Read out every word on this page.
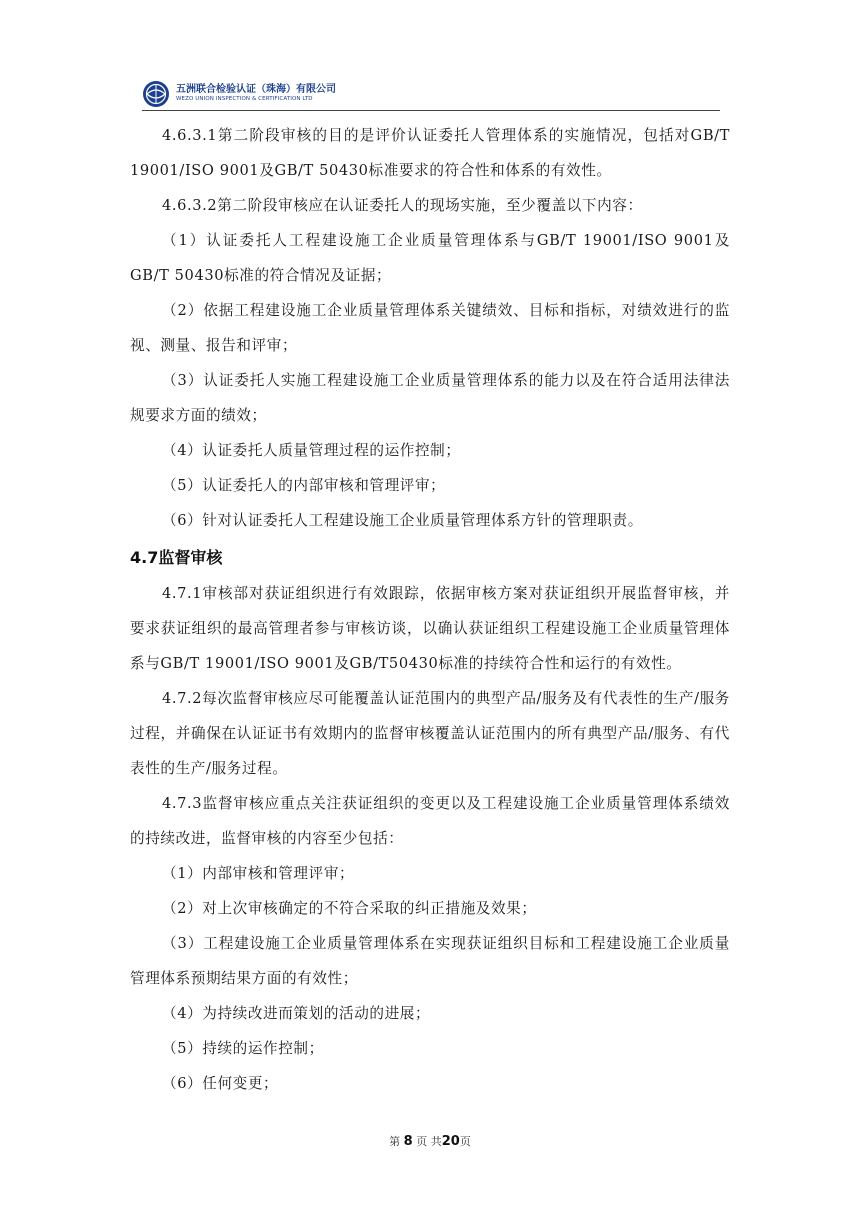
五洲联合检验认证（珠海）有限公司
WEZO UNION INSPECTION & CERTIFICATION LTD

4.6.3.1第二阶段审核的目的是评价认证委托人管理体系的实施情况，包括对GB/T 19001/ISO 9001及GB/T 50430标准要求的符合性和体系的有效性。

4.6.3.2第二阶段审核应在认证委托人的现场实施，至少覆盖以下内容：

（1）认证委托人工程建设施工企业质量管理体系与GB/T 19001/ISO 9001及GB/T 50430标准的符合情况及证据；

（2）依据工程建设施工企业质量管理体系关键绩效、目标和指标，对绩效进行的监视、测量、报告和评审；

（3）认证委托人实施工程建设施工企业质量管理体系的能力以及在符合适用法律法规要求方面的绩效；

（4）认证委托人质量管理过程的运作控制；

（5）认证委托人的内部审核和管理评审；

（6）针对认证委托人工程建设施工企业质量管理体系方针的管理职责。

4.7监督审核

4.7.1审核部对获证组织进行有效跟踪，依据审核方案对获证组织开展监督审核，并要求获证组织的最高管理者参与审核访谈，以确认获证组织工程建设施工企业质量管理体系与GB/T 19001/ISO 9001及GB/T50430标准的持续符合性和运行的有效性。

4.7.2每次监督审核应尽可能覆盖认证范围内的典型产品/服务及有代表性的生产/服务过程，并确保在认证证书有效期内的监督审核覆盖认证范围内的所有典型产品/服务、有代表性的生产/服务过程。

4.7.3监督审核应重点关注获证组织的变更以及工程建设施工企业质量管理体系绩效的持续改进，监督审核的内容至少包括：

（1）内部审核和管理评审；

（2）对上次审核确定的不符合采取的纠正措施及效果；

（3）工程建设施工企业质量管理体系在实现获证组织目标和工程建设施工企业质量管理体系预期结果方面的有效性；

（4）为持续改进而策划的活动的进展；

（5）持续的运作控制；

（6）任何变更；

第 8 页 共20页
